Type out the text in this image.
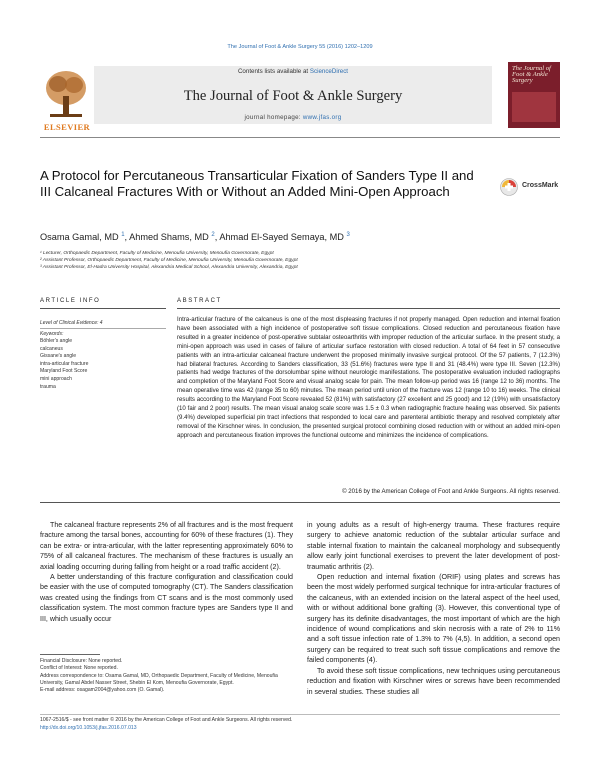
The Journal of Foot & Ankle Surgery 55 (2016) 1202–1209
Contents lists available at ScienceDirect
The Journal of Foot & Ankle Surgery
journal homepage: www.jfas.org
ELSEVIER
The Journal of Foot & Ankle Surgery
A Protocol for Percutaneous Transarticular Fixation of Sanders Type II and III Calcaneal Fractures With or Without an Added Mini-Open Approach	CrossMark
Osama Gamal, MD $^1$, Ahmed Shams, MD $^2$, Ahmad El-Sayed Semaya, MD $^3$
¹ Lecturer, Orthopaedic Department, Faculty of Medicine, Menoufia University, Menoufia Governorate, Egypt
² Assistant Professor, Orthopaedic Department, Faculty of Medicine, Menoufia University, Menoufia Governorate, Egypt
³ Assistant Professor, El-Hadra University Hospital, Alexandria Medical School, Alexandria University, Alexandria, Egypt
ARTICLE INFO	ABSTRACT
Level of Clinical Evidence: 4
Keywords:
Böhler's angle
calcaneus
Gissane's angle
intra-articular fracture
Maryland Foot Score
mini approach
trauma
Intra-articular fracture of the calcaneus is one of the most displeasing fractures if not properly managed. Open reduction and internal fixation have been associated with a high incidence of postoperative soft tissue complications. Closed reduction and percutaneous fixation have resulted in a greater incidence of post-operative subtalar osteoarthritis with improper reduction of the articular surface. In the present study, a mini-open approach was used in cases of failure of articular surface restoration with closed reduction. A total of 64 feet in 57 consecutive patients with an intra-articular calcaneal fracture underwent the proposed minimally invasive surgical protocol. Of the 57 patients, 7 (12.3%) had bilateral fractures. According to Sanders classification, 33 (51.6%) fractures were type II and 31 (48.4%) were type III. Seven (12.3%) patients had wedge fractures of the dorsolumbar spine without neurologic manifestations. The postoperative evaluation included radiographs and completion of the Maryland Foot Score and visual analog scale for pain. The mean follow-up period was 16 (range 12 to 36) months. The mean operative time was 42 (range 35 to 60) minutes. The mean period until union of the fracture was 12 (range 10 to 16) weeks. The clinical results according to the Maryland Foot Score revealed 52 (81%) with satisfactory (27 excellent and 25 good) and 12 (19%) with unsatisfactory (10 fair and 2 poor) results. The mean visual analog scale score was 1.5 ± 0.3 when radiographic fracture healing was observed. Six patients (9.4%) developed superficial pin tract infections that responded to local care and parenteral antibiotic therapy and resolved completely after removal of the Kirschner wires. In conclusion, the presented surgical protocol combining closed reduction with or without an added mini-open approach and percutaneous fixation improves the functional outcome and minimizes the incidence of complications.
© 2016 by the American College of Foot and Ankle Surgeons. All rights reserved.

The calcaneal fracture represents 2% of all fractures and is the most frequent fracture among the tarsal bones, accounting for 60% of these fractures (1). They can be extra- or intra-articular, with the latter representing approximately 60% to 75% of all calcaneal fractures. The mechanism of these fractures is usually an axial loading occurring during falling from height or a road traffic accident (2).

A better understanding of this fracture configuration and classification could be easier with the use of computed tomography (CT). The Sanders classification was created using the findings from CT scans and is the most commonly used classification system. The most common fracture types are Sanders type II and III, which usually occur

in young adults as a result of high-energy trauma. These fractures require surgery to achieve anatomic reduction of the subtalar articular surface and stable internal fixation to maintain the calcaneal morphology and subsequently allow early joint functional exercises to prevent the later development of post-traumatic arthritis (2).

Open reduction and internal fixation (ORIF) using plates and screws has been the most widely performed surgical technique for intra-articular fractures of the calcaneus, with an extended incision on the lateral aspect of the heel used, with or without additional bone grafting (3). However, this conventional type of surgery has its definite disadvantages, the most important of which are the high incidence of wound complications and skin necrosis with a rate of 2% to 11% and a soft tissue infection rate of 1.3% to 7% (4,5). In addition, a second open surgery can be required to treat such soft tissue complications and remove the failed components (4).

To avoid these soft tissue complications, new techniques using percutaneous reduction and fixation with Kirschner wires or screws have been recommended in several studies. These studies all

Financial Disclosure: None reported.
Conflict of Interest: None reported.
Address correspondence to: Osama Gamal, MD, Orthopaedic Department, Faculty of Medicine, Menoufia University, Gamal Abdel Nasser Street, Shebin El Kom, Menoufia Governorate, Egypt.
E-mail address: osagam2004@yahoo.com (O. Gamal).
1067-2516/$ - see front matter © 2016 by the American College of Foot and Ankle Surgeons. All rights reserved.
http://dx.doi.org/10.1053/j.jfas.2016.07.013
